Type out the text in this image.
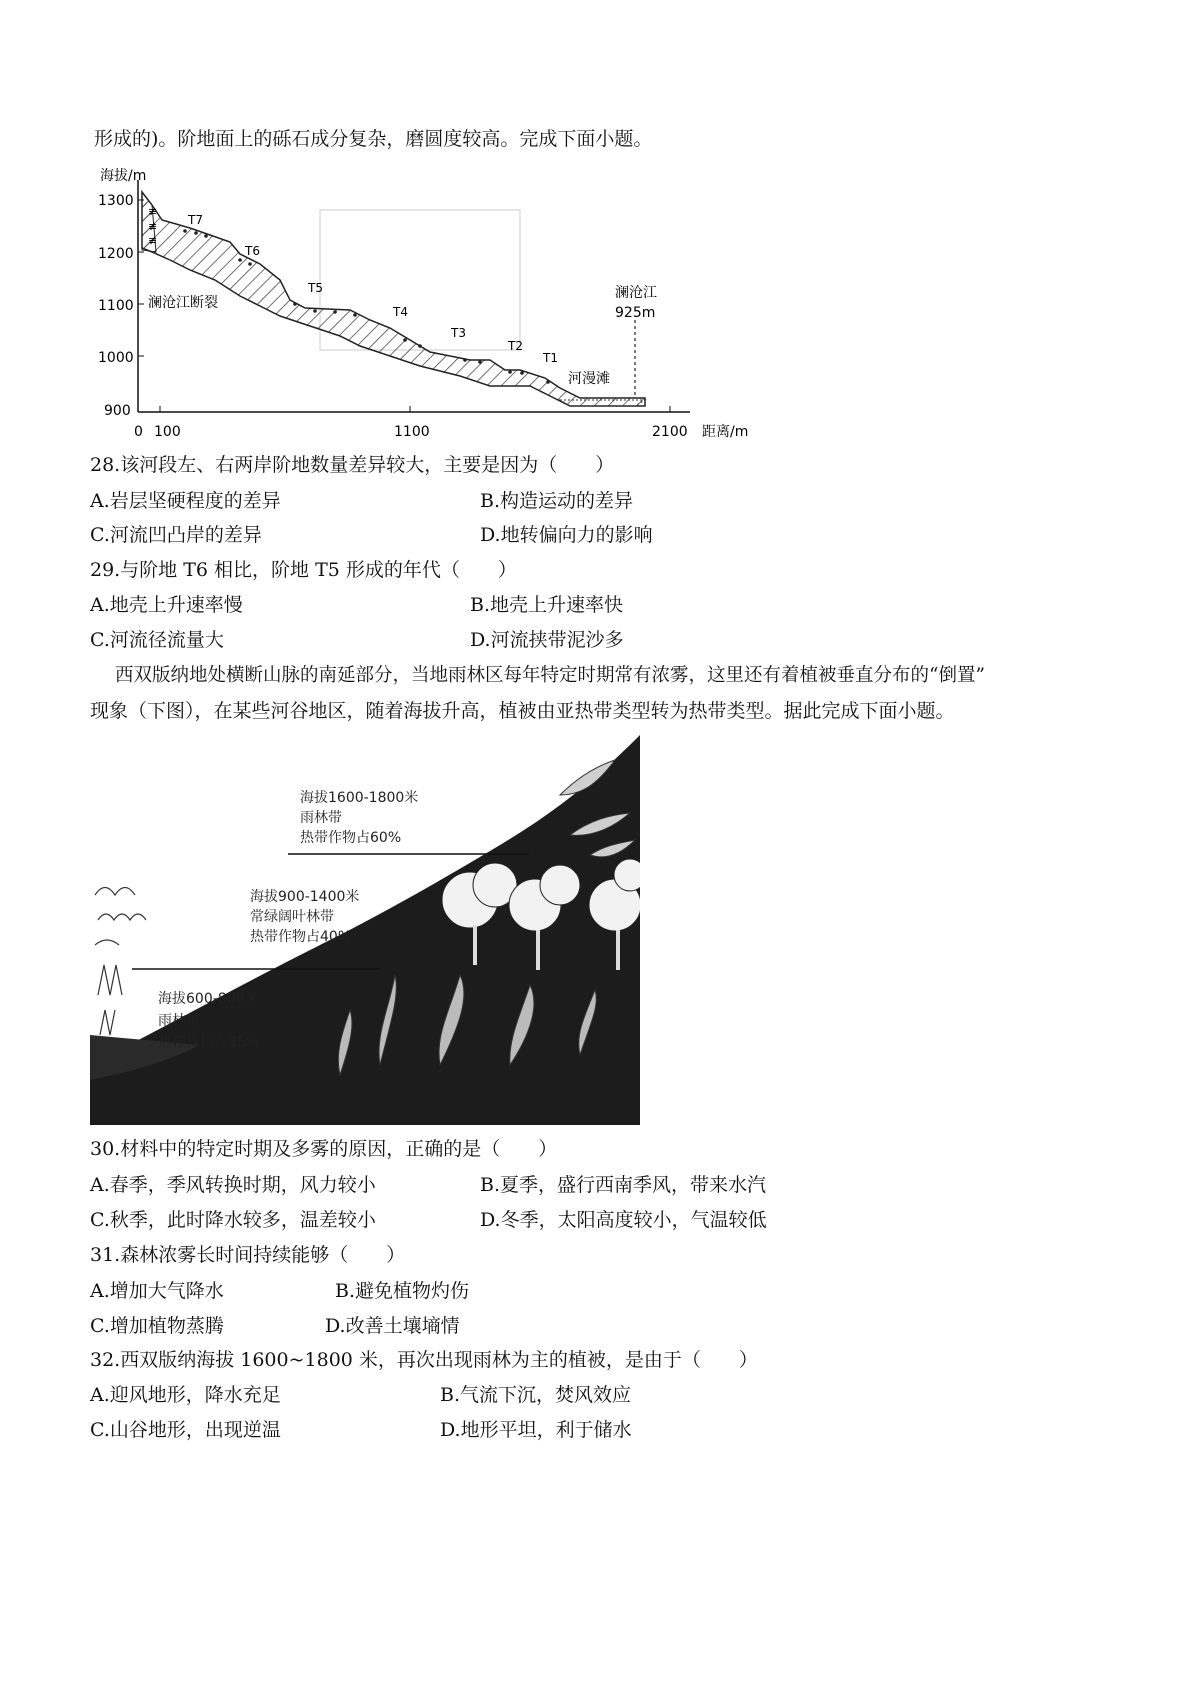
形成的)。阶地面上的砾石成分复杂，磨圆度较高。完成下面小题。
海拔/m
1300
1200
1100
1000
900
0 100	1100	2100 距离/m
≢
≢
≢
河漫滩
澜沧江
925m
澜沧江断裂
T7
T6
T5
T4
T3
T2
T1
28.该河段左、右两岸阶地数量差异较大，主要是因为（　　）
A.岩层坚硬程度的差异	B.构造运动的差异
C.河流凹凸岸的差异	D.地转偏向力的影响
29.与阶地 T6 相比，阶地 T5 形成的年代（　　）
A.地壳上升速率慢	B.地壳上升速率快
C.河流径流量大	D.河流挟带泥沙多
西双版纳地处横断山脉的南延部分，当地雨林区每年特定时期常有浓雾，这里还有着植被垂直分布的“倒置”
现象（下图），在某些河谷地区，随着海拔升高，植被由亚热带类型转为热带类型。据此完成下面小题。
海拔1600-1800米
雨林带
热带作物占60%
海拔900-1400米
常绿阔叶林带
热带作物占40%
海拔600-800米
雨林带
热带作物占85%
30.材料中的特定时期及多雾的原因，正确的是（　　）
A.春季，季风转换时期，风力较小	B.夏季，盛行西南季风，带来水汽
C.秋季，此时降水较多，温差较小	D.冬季，太阳高度较小，气温较低
31.森林浓雾长时间持续能够（　　）
A.增加大气降水	B.避免植物灼伤
C.增加植物蒸腾	D.改善土壤墒情
32.西双版纳海拔 1600~1800 米，再次出现雨林为主的植被，是由于（　　）
A.迎风地形，降水充足	B.气流下沉，焚风效应
C.山谷地形，出现逆温	D.地形平坦，利于储水
